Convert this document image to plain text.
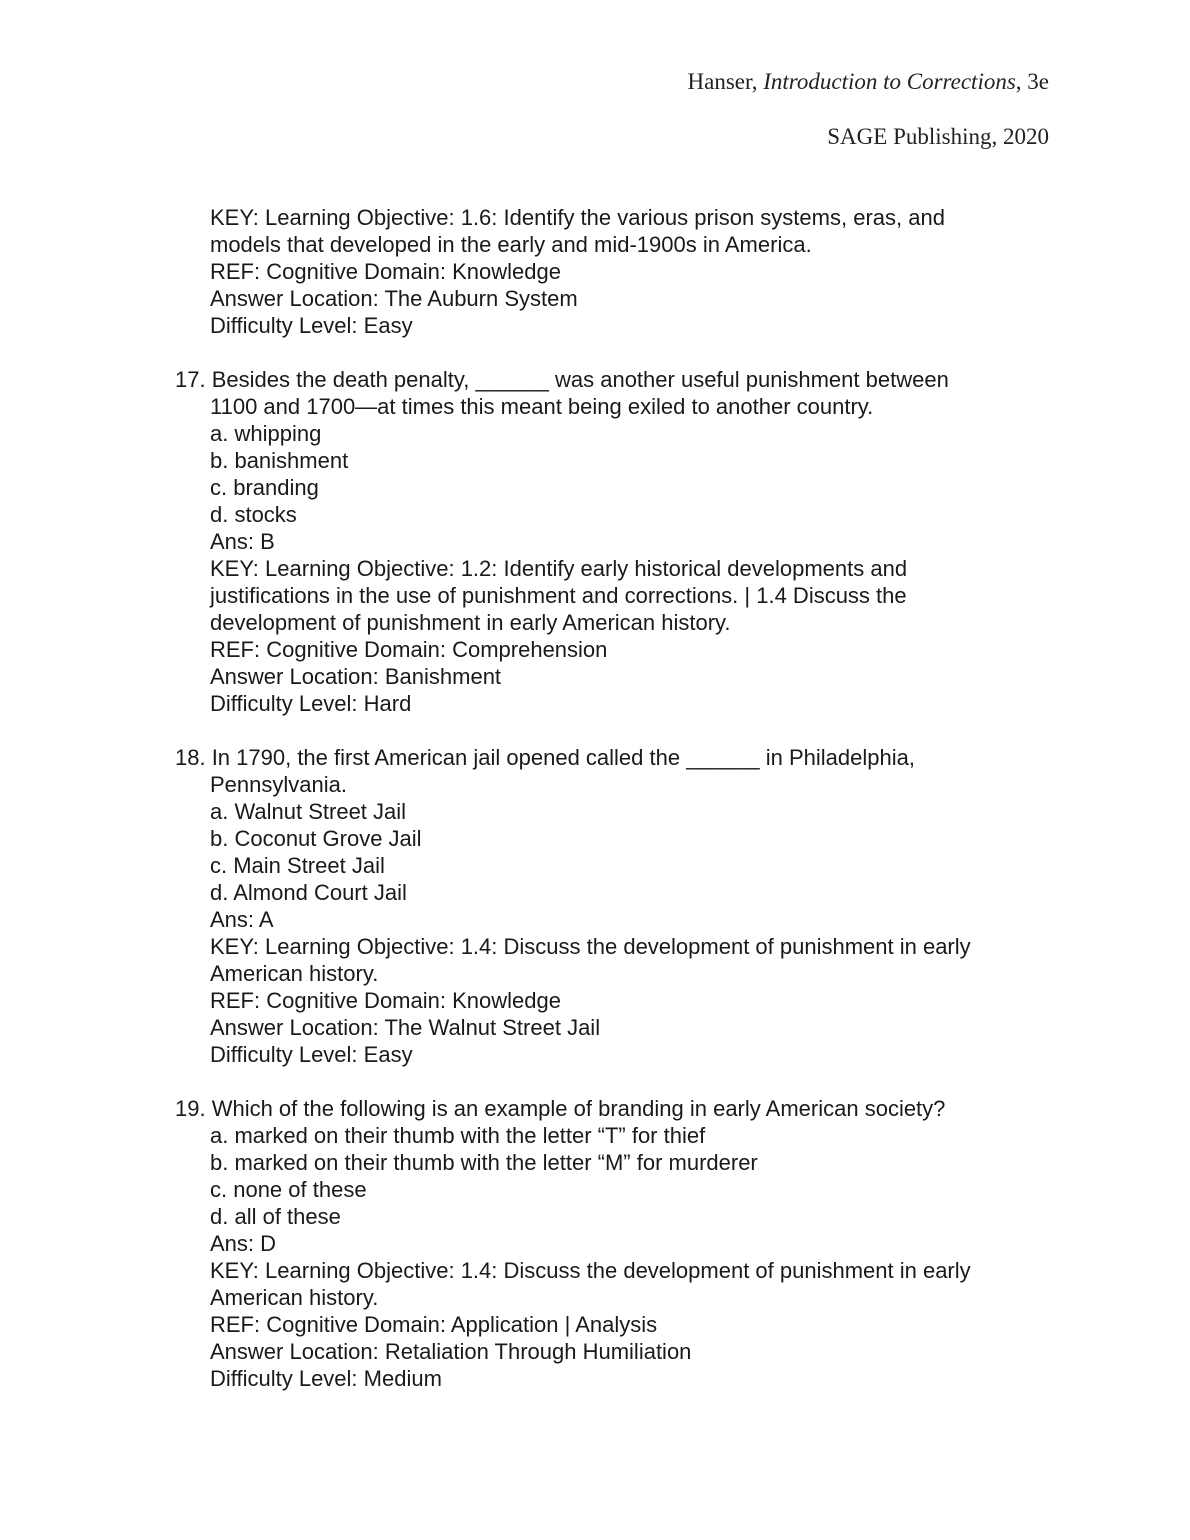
Hanser, Introduction to Corrections, 3e
SAGE Publishing, 2020
KEY: Learning Objective: 1.6: Identify the various prison systems, eras, and
models that developed in the early and mid-1900s in America.
REF: Cognitive Domain: Knowledge
Answer Location: The Auburn System
Difficulty Level: Easy
17. Besides the death penalty, ______ was another useful punishment between
1100 and 1700—at times this meant being exiled to another country.
a. whipping
b. banishment
c. branding
d. stocks
Ans: B
KEY: Learning Objective: 1.2: Identify early historical developments and
justifications in the use of punishment and corrections. | 1.4 Discuss the
development of punishment in early American history.
REF: Cognitive Domain: Comprehension
Answer Location: Banishment
Difficulty Level: Hard
18. In 1790, the first American jail opened called the ______ in Philadelphia,
Pennsylvania.
a. Walnut Street Jail
b. Coconut Grove Jail
c. Main Street Jail
d. Almond Court Jail
Ans: A
KEY: Learning Objective: 1.4: Discuss the development of punishment in early
American history.
REF: Cognitive Domain: Knowledge
Answer Location: The Walnut Street Jail
Difficulty Level: Easy
19. Which of the following is an example of branding in early American society?
a. marked on their thumb with the letter “T” for thief
b. marked on their thumb with the letter “M” for murderer
c. none of these
d. all of these
Ans: D
KEY: Learning Objective: 1.4: Discuss the development of punishment in early
American history.
REF: Cognitive Domain: Application | Analysis
Answer Location: Retaliation Through Humiliation
Difficulty Level: Medium
